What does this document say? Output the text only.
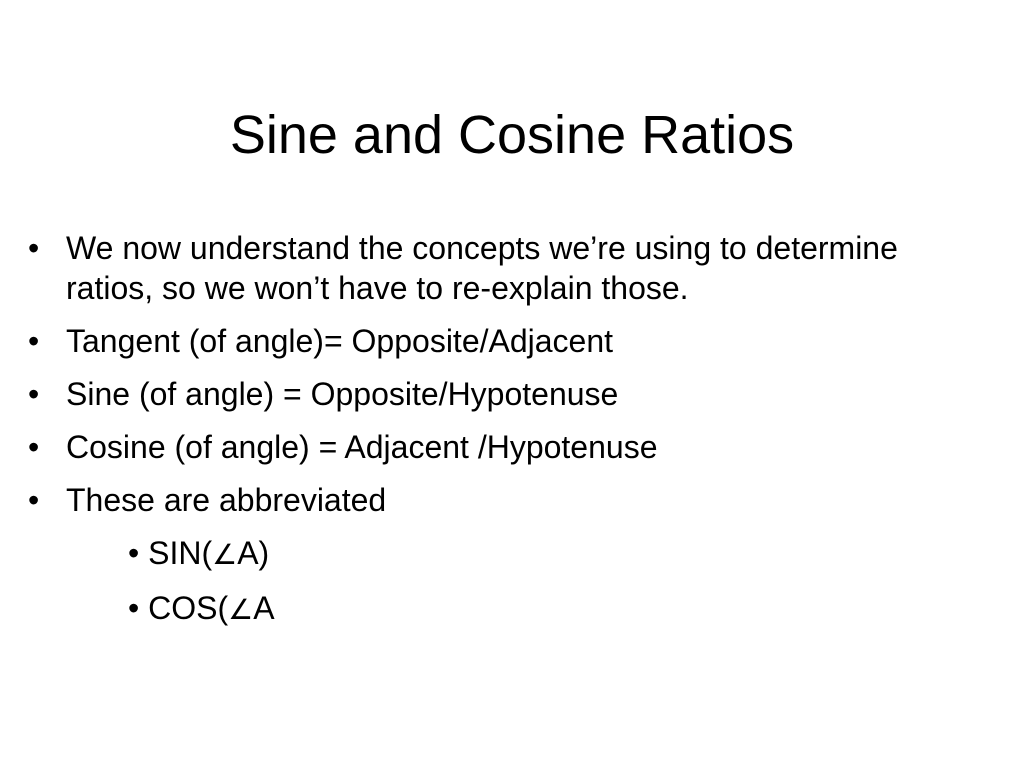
Sine and Cosine Ratios
• We now understand the concepts we’re using to determine ratios, so we won’t have to re-explain those.
• Tangent (of angle)= Opposite/Adjacent
• Sine (of angle) = Opposite/Hypotenuse
• Cosine (of angle) = Adjacent /Hypotenuse
• These are abbreviated
• SIN(∠A)
• COS(∠A
